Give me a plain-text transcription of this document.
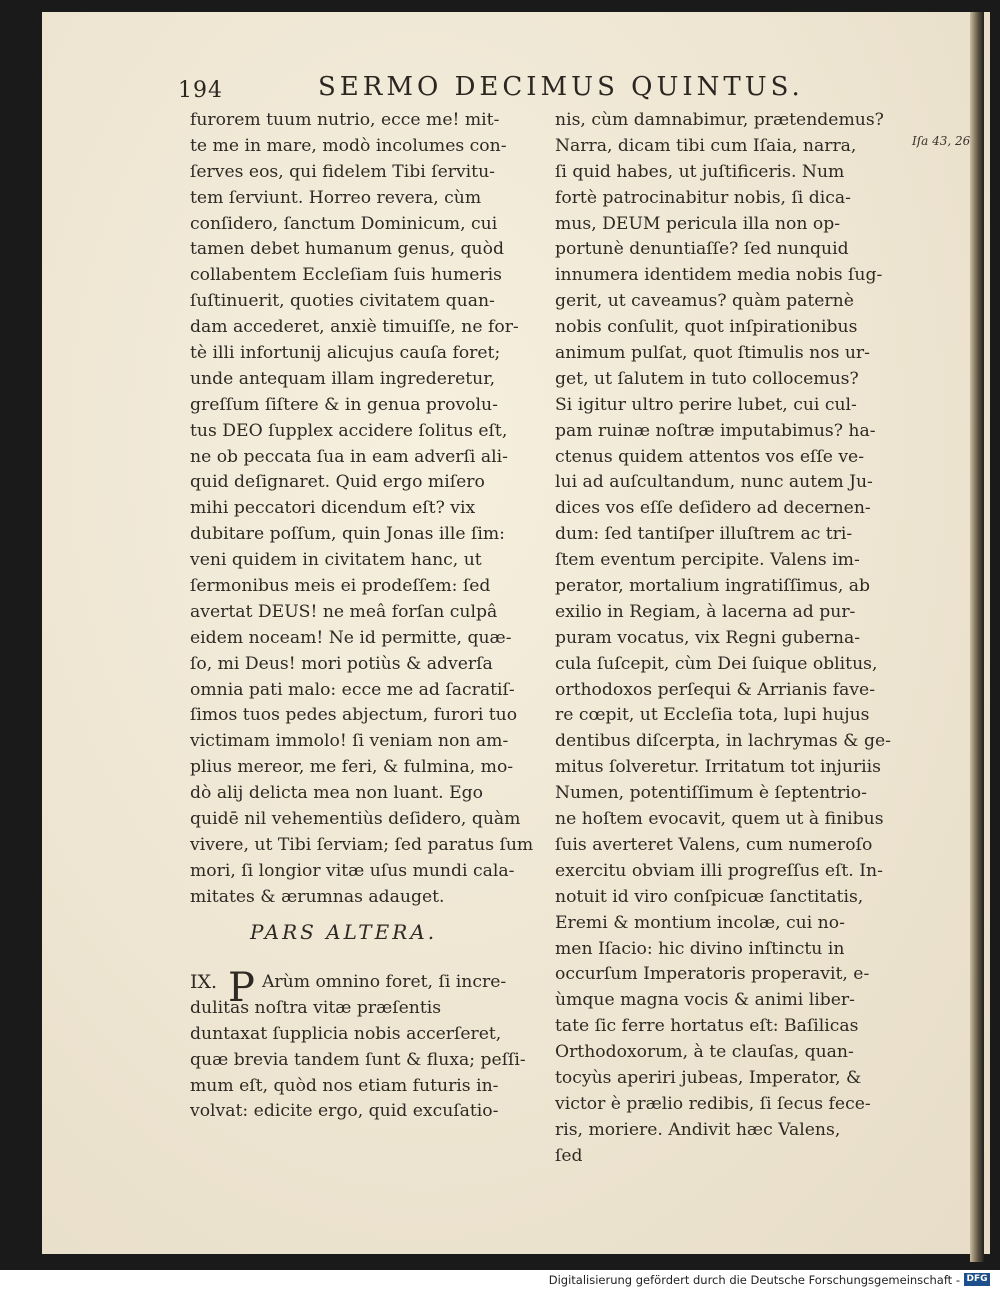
194	SERMO DECIMUS QUINTUS.
furorem tuum nutrio, ecce me! mit-
te me in mare, modò incolumes con-
ſerves eos, qui fidelem Tibi ſervitu-
tem ſerviunt. Horreo revera, cùm
conſidero, ſanctum Dominicum, cui
tamen debet humanum genus, quòd
collabentem Eccleſiam ſuis humeris
ſuſtinuerit, quoties civitatem quan-
dam accederet, anxiè timuiſſe, ne for-
tè illi infortunij alicujus cauſa foret;
unde antequam illam ingrederetur,
greſſum ſiſtere & in genua provolu-
tus DEO ſupplex accidere ſolitus eſt,
ne ob peccata ſua in eam adverſi ali-
quid deſignaret. Quid ergo miſero
mihi peccatori dicendum eſt? vix
dubitare poſſum, quin Jonas ille ſim:
veni quidem in civitatem hanc, ut
ſermonibus meis ei prodeſſem: ſed
avertat DEUS! ne meâ forſan culpâ
eidem noceam! Ne id permitte, quæ-
ſo, mi Deus! mori potiùs & adverſa
omnia pati malo: ecce me ad ſacratiſ-
ſimos tuos pedes abjectum, furori tuo
victimam immolo! ſi veniam non am-
plius mereor, me feri, & fulmina, mo-
dò alij delicta mea non luant. Ego
quidē nil vehementiùs deſidero, quàm
vivere, ut Tibi ſerviam; ſed paratus ſum
mori, ſi longior vitæ uſus mundi cala-
mitates & ærumnas adauget.
PARS ALTERA.
IX. P Arùm omnino foret, ſi incre-
dulitas noſtra vitæ præſentis
duntaxat ſupplicia nobis accerſeret,
quæ brevia tandem ſunt & fluxa; peſſi-
mum eſt, quòd nos etiam futuris in-
volvat: edicite ergo, quid excuſatio-
nis, cùm damnabimur, prætendemus?
Narra, dicam tibi cum Iſaia, narra,
ſi quid habes, ut juſtificeris. Num
fortè patrocinabitur nobis, ſi dica-
mus, DEUM pericula illa non op-
portunè denuntiaſſe? ſed nunquid
innumera identidem media nobis ſug-
gerit, ut caveamus? quàm paternè
nobis conſulit, quot inſpirationibus
animum pulſat, quot ſtimulis nos ur-
get, ut ſalutem in tuto collocemus?
Si igitur ultro perire lubet, cui cul-
pam ruinæ noſtræ imputabimus? ha-
ctenus quidem attentos vos eſſe ve-
lui ad auſcultandum, nunc autem Ju-
dices vos eſſe deſidero ad decernen-
dum: ſed tantiſper illuſtrem ac tri-
ſtem eventum percipite. Valens im-
perator, mortalium ingratiſſimus, ab
exilio in Regiam, à lacerna ad pur-
puram vocatus, vix Regni guberna-
cula ſuſcepit, cùm Dei ſuique oblitus,
orthodoxos perſequi & Arrianis fave-
re cœpit, ut Eccleſia tota, lupi hujus
dentibus diſcerpta, in lachrymas & ge-
mitus ſolveretur. Irritatum tot injuriis
Numen, potentiſſimum è ſeptentrio-
ne hoſtem evocavit, quem ut à finibus
ſuis averteret Valens, cum numeroſo
exercitu obviam illi progreſſus eſt. In-
notuit id viro conſpicuæ ſanctitatis,
Eremi & montium incolæ, cui no-
men Iſacio: hic divino inſtinctu in
occurſum Imperatoris properavit, e-
ùmque magna vocis & animi liber-
tate ſic ferre hortatus eſt: Baſilicas
Orthodoxorum, à te clauſas, quan-
tocyùs aperiri jubeas, Imperator, &
victor è prælio redibis, ſi ſecus fece-
ris, moriere. Andivit hæc Valens,
ſed
Iſa 43, 26
Digitalisierung gefördert durch die Deutsche Forschungsgemeinschaft - DFG
